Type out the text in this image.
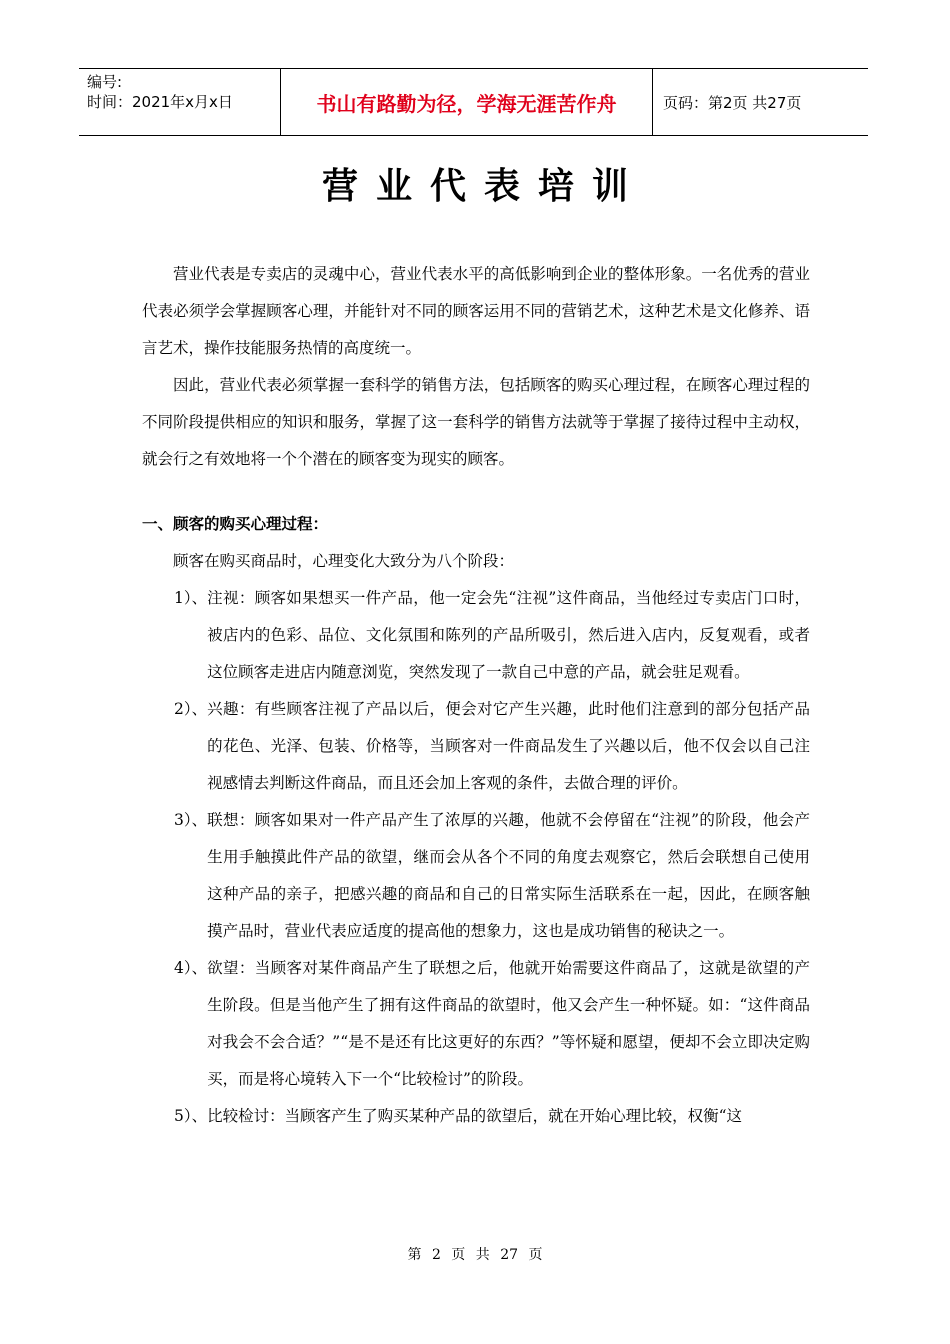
编号:
时间：2021年x月x日	书山有路勤为径，学海无涯苦作舟	页码：第2页 共27页
营业代表培训

营业代表是专卖店的灵魂中心，营业代表水平的高低影响到企业的整体形象。一名优秀的营业代表必须学会掌握顾客心理，并能针对不同的顾客运用不同的营销艺术，这种艺术是文化修养、语言艺术，操作技能服务热情的高度统一。

因此，营业代表必须掌握一套科学的销售方法，包括顾客的购买心理过程，在顾客心理过程的不同阶段提供相应的知识和服务，掌握了这一套科学的销售方法就等于掌握了接待过程中主动权，就会行之有效地将一个个潜在的顾客变为现实的顾客。

一、顾客的购买心理过程：

顾客在购买商品时，心理变化大致分为八个阶段：

1）、 注视：顾客如果想买一件产品，他一定会先“注视”这件商品，当他经过专卖店门口时，被店内的色彩、品位、文化氛围和陈列的产品所吸引，然后进入店内，反复观看，或者这位顾客走进店内随意浏览，突然发现了一款自己中意的产品，就会驻足观看。
2）、 兴趣：有些顾客注视了产品以后，便会对它产生兴趣，此时他们注意到的部分包括产品的花色、光泽、包装、价格等，当顾客对一件商品发生了兴趣以后，他不仅会以自己注视感情去判断这件商品，而且还会加上客观的条件，去做合理的评价。
3）、 联想：顾客如果对一件产品产生了浓厚的兴趣，他就不会停留在“注视”的阶段，他会产生用手触摸此件产品的欲望，继而会从各个不同的角度去观察它，然后会联想自己使用这种产品的亲子，把感兴趣的商品和自己的日常实际生活联系在一起，因此，在顾客触摸产品时，营业代表应适度的提高他的想象力，这也是成功销售的秘诀之一。
4）、 欲望：当顾客对某件商品产生了联想之后，他就开始需要这件商品了，这就是欲望的产生阶段。但是当他产生了拥有这件商品的欲望时，他又会产生一种怀疑。如：“这件商品对我会不会合适？”“是不是还有比这更好的东西？”等怀疑和愿望，便却不会立即决定购买，而是将心境转入下一个“比较检讨”的阶段。
5）、 比较检讨：当顾客产生了购买某种产品的欲望后，就在开始心理比较，权衡“这
第 2 页 共 27 页
